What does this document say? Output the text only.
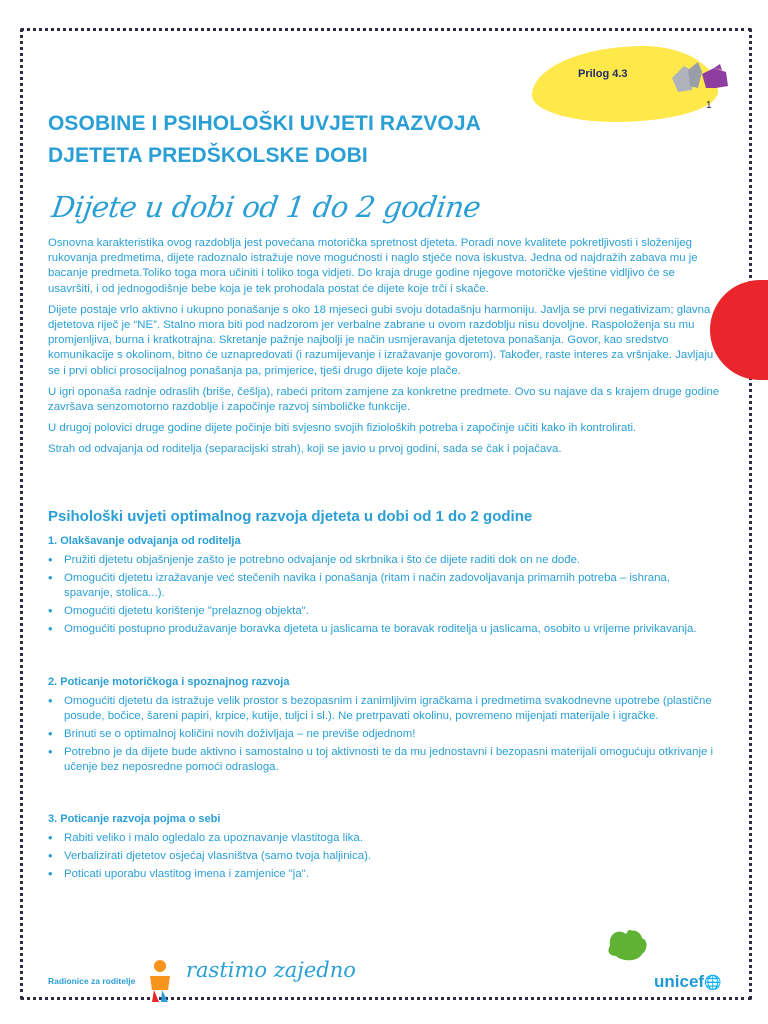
Prilog 4.3
1
OSOBINE I PSIHOLOŠKI UVJETI RAZVOJA
DJETETA PREDŠKOLSKE DOBI
Dijete u dobi od 1 do 2 godine

Osnovna karakteristika ovog razdoblja jest povećana motorička spretnost djeteta. Poradi nove kvalitete pokretljivosti i složenijeg rukovanja predmetima, dijete radoznalo istražuje nove mogućnosti i naglo stječe nova iskustva. Jedna od najdražih zabava mu je bacanje predmeta.Toliko toga mora učiniti i toliko toga vidjeti. Do kraja druge godine njegove motoričke vještine vidljivo će se usavršiti, i od jednogodišnje bebe koja je tek prohodala postat će dijete koje trči i skače.

Dijete postaje vrlo aktivno i ukupno ponašanje s oko 18 mjeseci gubi svoju dotadašnju harmoniju. Javlja se prvi negativizam; glavna djetetova riječ je “NE”. Stalno mora biti pod nadzorom jer verbalne zabrane u ovom razdoblju nisu dovoljne. Raspoloženja su mu promjenljiva, burna i kratkotrajna. Skretanje pažnje najbolji je način usmjeravanja djetetova ponašanja. Govor, kao sredstvo komunikacije s okolinom, bitno će uznapredovati (i razumijevanje i izražavanje govorom). Također, raste interes za vršnjake. Javljaju se i prvi oblici prosocijalnog ponašanja pa, primjerice, tješi drugo dijete koje plače.

U igri oponaša radnje odraslih (briše, češlja), rabeći pritom zamjene za konkretne predmete. Ovo su najave da s krajem druge godine završava senzomotorno razdoblje i započinje razvoj simboličke funkcije.

U drugoj polovici druge godine dijete počinje biti svjesno svojih fizioloških potreba i započinje učiti kako ih kontrolirati.

Strah od odvajanja od roditelja (separacijski strah), koji se javio u prvoj godini, sada se čak i pojačava.

Psihološki uvjeti optimalnog razvoja djeteta u dobi od 1 do 2 godine
1. Olakšavanje odvajanja od roditelja
• Pružiti djetetu objašnjenje zašto je potrebno odvajanje od skrbnika i što će dijete raditi dok on ne dođe.
• Omogućiti djetetu izražavanje već stečenih navika i ponašanja (ritam i način zadovoljavanja primarnih potreba – ishrana, spavanje, stolica...).
• Omogućiti djetetu korištenje "prelaznog objekta".
• Omogućiti postupno produžavanje boravka djeteta u jaslicama te boravak roditelja u jaslicama, osobito u vrijeme privikavanja.
2. Poticanje motoričkoga i spoznajnog razvoja
• Omogućiti djetetu da istražuje velik prostor s bezopasnim i zanimljivim igračkama i predmetima svakodnevne upotrebe (plastične posude, bočice, šareni papiri, krpice, kutije, tuljci i sl.). Ne pretrpavati okolinu, povremeno mijenjati materijale i igračke.
• Brinuti se o optimalnoj količini novih doživljaja – ne previše odjednom!
• Potrebno je da dijete bude aktivno i samostalno u toj aktivnosti te da mu jednostavni i bezopasni materijali omogućuju otkrivanje i učenje bez neposredne pomoći odrasloga.
3. Poticanje razvoja pojma o sebi
• Rabiti veliko i malo ogledalo za upoznavanje vlastitoga lika.
• Verbalizirati djetetov osjećaj vlasništva (samo tvoja haljinica).
• Poticati uporabu vlastitog imena i zamjenice "ja".
Radionice za roditelje rastimo zajedno	unicef🌐
